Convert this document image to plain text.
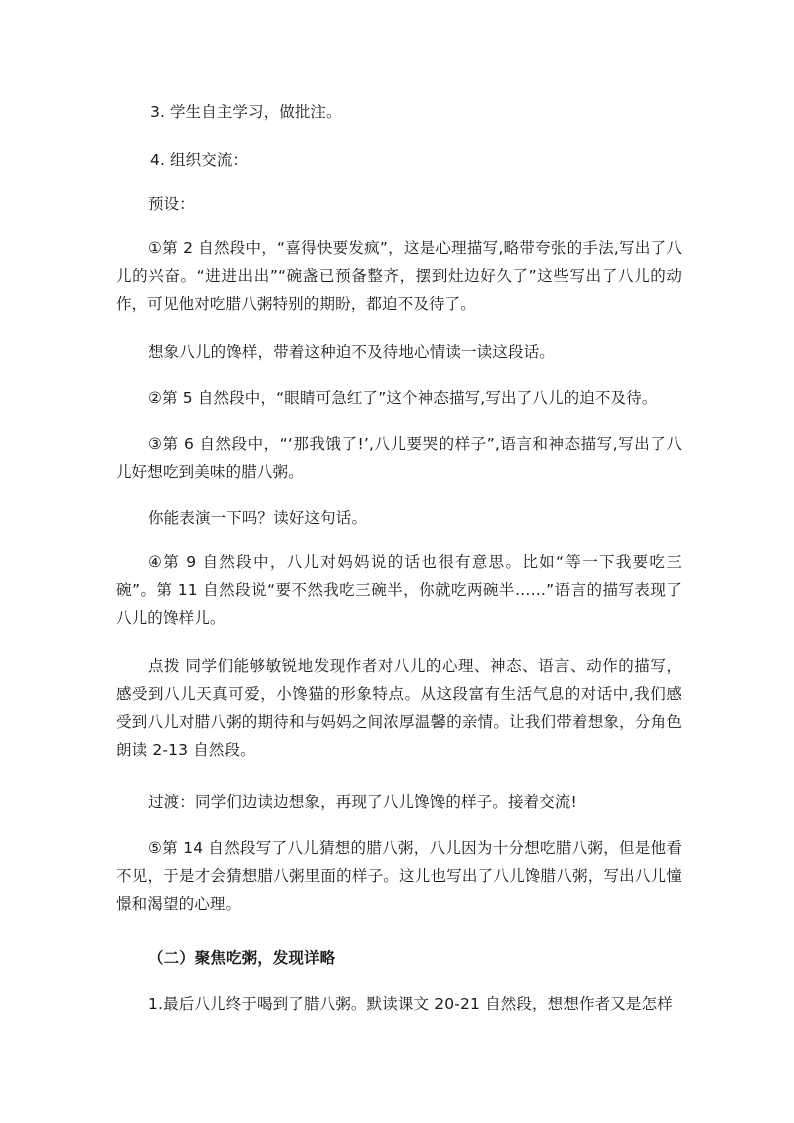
3. 学生自主学习，做批注。
4. 组织交流：
预设：
①第 2 自然段中，“喜得快要发疯”，这是心理描写,略带夸张的手法,写出了八儿的兴奋。“进进出出”“碗盏已预备整齐，摆到灶边好久了”这些写出了八儿的动作，可见他对吃腊八粥特别的期盼，都迫不及待了。
想象八儿的馋样，带着这种迫不及待地心情读一读这段话。
②第 5 自然段中，“眼睛可急红了”这个神态描写,写出了八儿的迫不及待。
③第 6 自然段中，“‘那我饿了!’,八儿要哭的样子”,语言和神态描写,写出了八儿好想吃到美味的腊八粥。
你能表演一下吗？读好这句话。
④第 9 自然段中，八儿对妈妈说的话也很有意思。比如“等一下我要吃三碗”。第 11 自然段说“要不然我吃三碗半，你就吃两碗半……”语言的描写表现了八儿的馋样儿。
点拨 同学们能够敏锐地发现作者对八儿的心理、神态、语言、动作的描写，感受到八儿天真可爱，小馋猫的形象特点。从这段富有生活气息的对话中,我们感受到八儿对腊八粥的期待和与妈妈之间浓厚温馨的亲情。让我们带着想象，分角色朗读 2-13 自然段。
过渡：同学们边读边想象，再现了八儿馋馋的样子。接着交流!
⑤第 14 自然段写了八儿猜想的腊八粥，八儿因为十分想吃腊八粥，但是他看不见，于是才会猜想腊八粥里面的样子。这儿也写出了八儿馋腊八粥，写出八儿憧憬和渴望的心理。
（二）聚焦吃粥，发现详略
1.最后八儿终于喝到了腊八粥。默读课文 20-21 自然段，想想作者又是怎样
